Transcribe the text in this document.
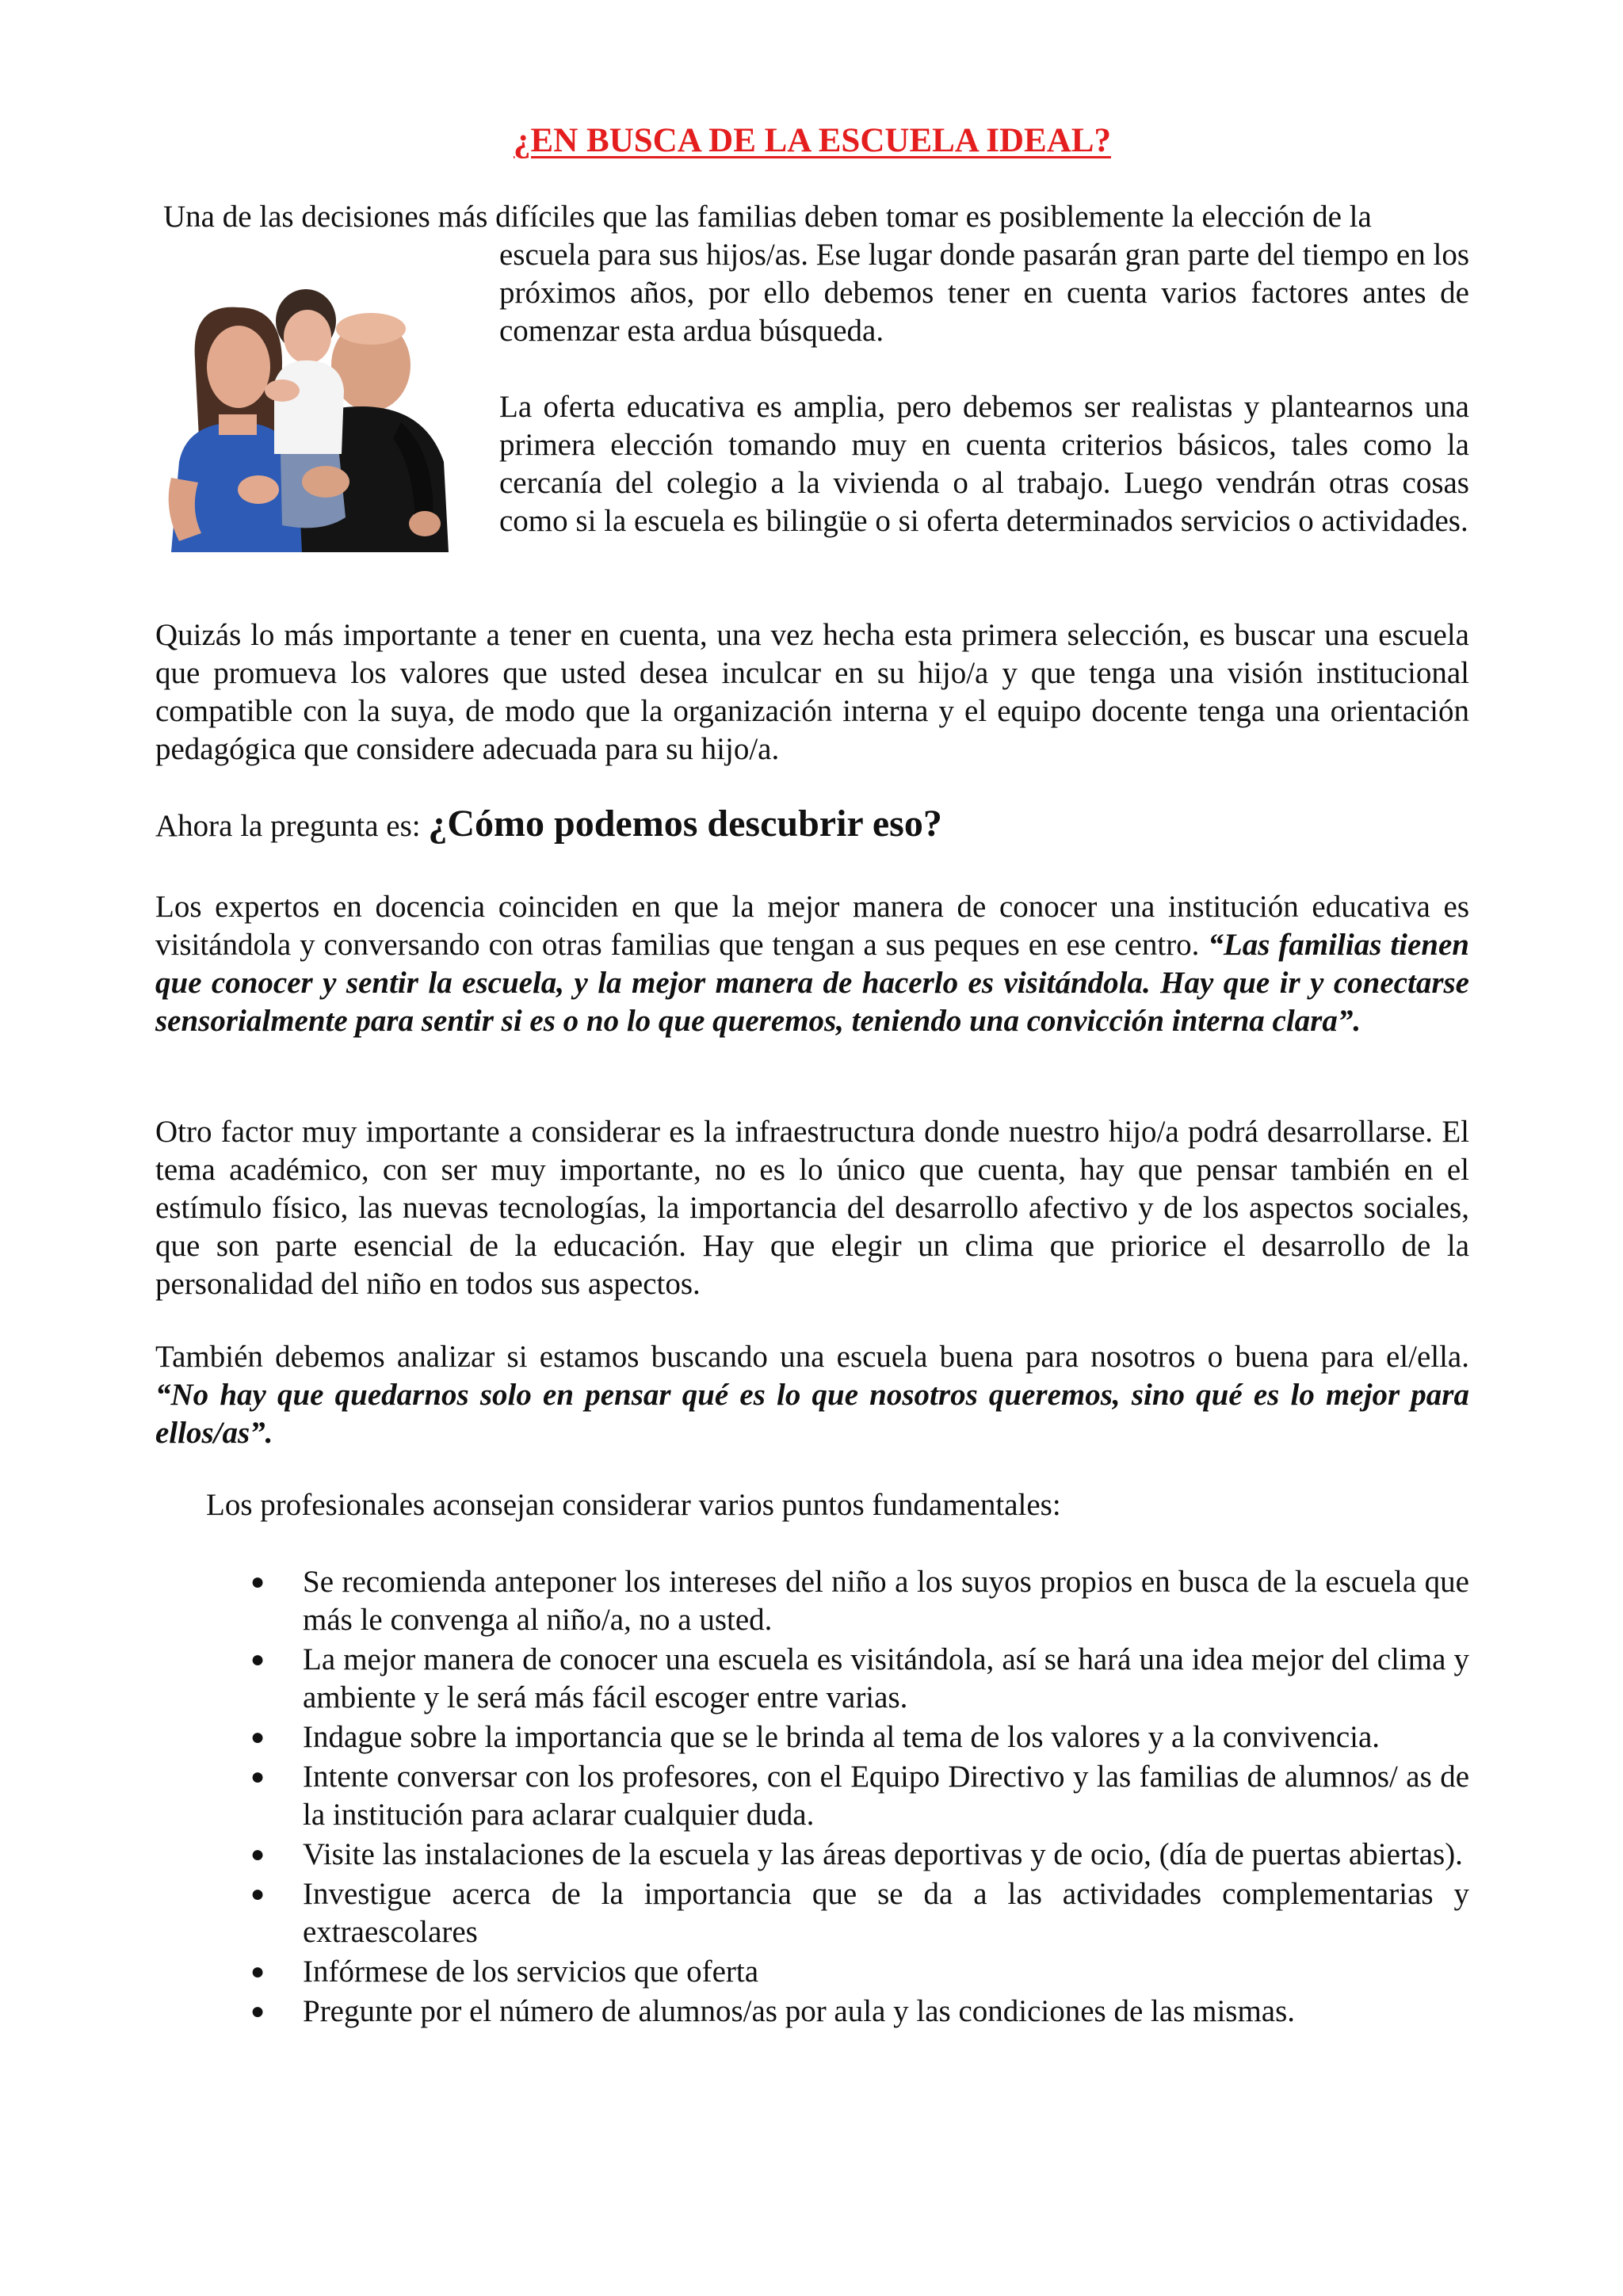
¿EN BUSCA DE LA ESCUELA IDEAL?

Una de las decisiones más difíciles que las familias deben tomar es posiblemente la elección de la

escuela para sus hijos/as. Ese lugar donde pasarán gran parte del tiempo en los próximos años, por ello debemos tener en cuenta varios factores antes de comenzar esta ardua búsqueda.

La oferta educativa es amplia, pero debemos ser realistas y plantearnos una primera elección tomando muy en cuenta criterios básicos, tales como la cercanía del colegio a la vivienda o al trabajo. Luego vendrán otras cosas como si la escuela es bilingüe o si oferta determinados servicios o actividades.

Quizás lo más importante a tener en cuenta, una vez hecha esta primera selección, es buscar una escuela que promueva los valores que usted desea inculcar en su hijo/a y que tenga una visión institucional compatible con la suya, de modo que la organización interna y el equipo docente tenga una orientación pedagógica que considere adecuada para su hijo/a.

Ahora la pregunta es: ¿Cómo podemos descubrir eso?

Los expertos en docencia coinciden en que la mejor manera de conocer una institución educativa es visitándola y conversando con otras familias que tengan a sus peques en ese centro. “Las familias tienen que conocer y sentir la escuela, y la mejor manera de hacerlo es visitándola. Hay que ir y conectarse sensorialmente para sentir si es o no lo que queremos, teniendo una convicción interna clara”.

Otro factor muy importante a considerar es la infraestructura donde nuestro hijo/a podrá desarrollarse. El tema académico, con ser muy importante, no es lo único que cuenta, hay que pensar también en el estímulo físico, las nuevas tecnologías, la importancia del desarrollo afectivo y de los aspectos sociales, que son parte esencial de la educación. Hay que elegir un clima que priorice el desarrollo de la personalidad del niño en todos sus aspectos.

También debemos analizar si estamos buscando una escuela buena para nosotros o buena para el/ella. “No hay que quedarnos solo en pensar qué es lo que nosotros queremos, sino qué es lo mejor para ellos/as”.

Los profesionales aconsejan considerar varios puntos fundamentales:

● Se recomienda anteponer los intereses del niño a los suyos propios en busca de la escuela que más le convenga al niño/a, no a usted.
● La mejor manera de conocer una escuela es visitándola, así se hará una idea mejor del clima y ambiente y le será más fácil escoger entre varias.
● Indague sobre la importancia que se le brinda al tema de los valores y a la convivencia.
● Intente conversar con los profesores, con el Equipo Directivo y las familias de alumnos/ as de la institución para aclarar cualquier duda.
● Visite las instalaciones de la escuela y las áreas deportivas y de ocio, (día de puertas abiertas).
● Investigue acerca de la importancia que se da a las actividades complementarias y extraescolares
● Infórmese de los servicios que oferta
● Pregunte por el número de alumnos/as por aula y las condiciones de las mismas.
